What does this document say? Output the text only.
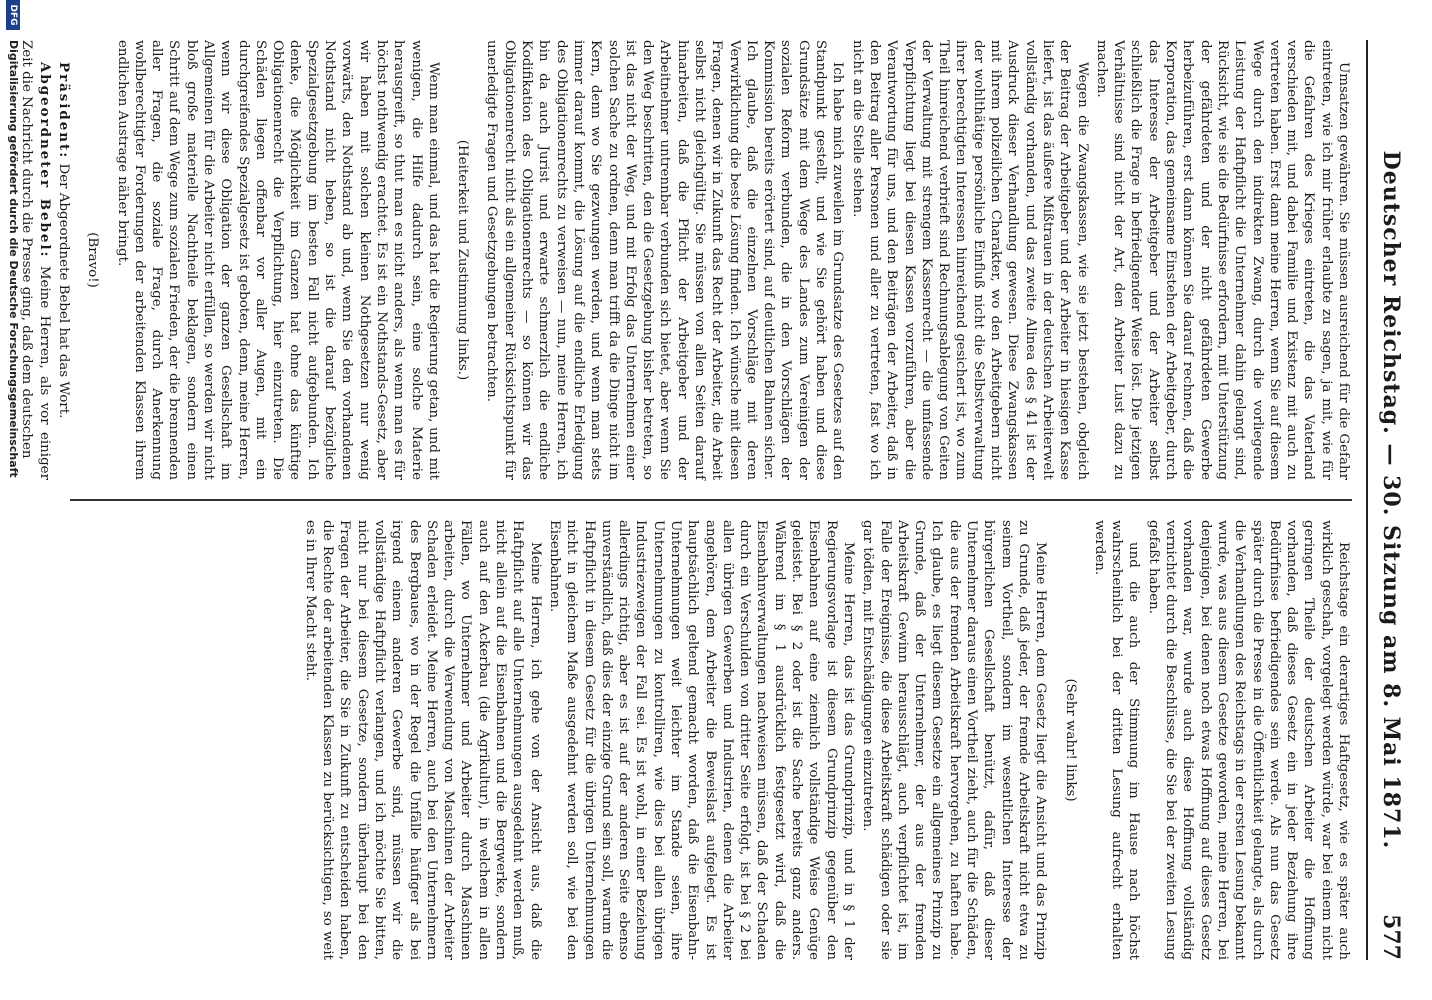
Deutscher Reichstag. — 30. Sitzung am 8. Mai 1871.
577

Umsatzen gewähren. Sie müssen ausreichend für die Gefahr eintreten, wie ich mir früher erlaubte zu sagen, ja mit, wie für die Gefahren des Krieges eintreten, die das Vaterland verschieden mit, und dabei Familie und Existenz mit auch zu vertreten haben. Erst dann meine Herren, wenn Sie auf diesem Wege durch den indirekten Zwang, durch die vorliegende Leistung der Haftpflicht die Unternehmer dahin gelangt sind, Rücksicht, wie sie die Bedürfnisse erfordern, mit Unterstützung der gefährdeten und der nicht gefährdeten Gewerbe herbeizuführen, erst dann können Sie darauf rechnen, daß die Korporation, das gemeinsame Einstehen der Arbeitgeber, durch das Interesse der Arbeitgeber und der Arbeiter selbst schließlich die Frage in befriedigender Weise löst. Die jetzigen Verhältnisse sind nicht der Art, den Arbeiter Lust dazu zu machen.

Wegen die Zwangskassen, wie sie jetzt bestehen, obgleich der Beitrag der Arbeitgeber und der Arbeiter in hiesigen Kasse liefert, ist das äußere Mißtrauen in der deutschen Arbeiterwelt vollständig vorhanden, und das zweite Alinea des § 41 ist der Ausdruck dieser Verhandlung gewesen. Diese Zwangskassen mit ihrem polizeilichen Charakter, wo den Arbeitgebern nicht der wohlthätige persönliche Einfluß nicht die Selbstverwaltung ihrer berechtigten Interessen hinreichend gesichert ist, wo zum Theil hinreichend verbrieft sind Rechnungsablegung von Geiten der Verwaltung mit strengem Kassenrecht — die umfassende Verpflichtung liegt bei diesen Kassen vorzuführen, aber die Verantwortung für uns, und den Beiträgen der Arbeiter, daß in den Beitrag aller Personen und aller zu vertreten, fast wo ich nicht an die Stelle stehen.

Ich habe mich zuweilen im Grundsatze des Gesetzes auf den Standpunkt gestellt, und wie Sie gehört haben und diese Grundsätze mit dem Wege des Landes zum Vereinigen der sozialen Reform verbunden, die in den Vorschlägen der Kommission bereits erörtert sind, auf deutlichen Bahnen sicher. Ich glaube, daß die einzelnen Vorschläge mit deren Verwirklichung die beste Lösung finden. Ich wünsche mit diesen Fragen, denen wir in Zukunft das Recht der Arbeiter, die Arbeit selbst nicht gleichgültig. Sie müssen von allen Seiten darauf hinarbeiten, daß die Pflicht der Arbeitgeber und der Arbeitnehmer untrennbar verbunden sich bietet, aber wenn Sie den Weg beschritten, den die Gesetzgebung bisher betreten, so ist das nicht der Weg, und mit Erfolg das Unternehmen einer solchen Sache zu ordnen, denn man trifft da die Dinge nicht im Kern, denn wo Sie gezwungen werden, und wenn man stets immer darauf kommt, die Lösung auf die endliche Erledigung des Obligationenrechts zu verweisen — nun, meine Herren, ich bin da auch Jurist und erwarte schmerzlich die endliche Kodifikation des Obligationenrechts — so können wir das Obligationenrecht nicht als ein allgemeiner Rücksichtspunkt für unerledigte Fragen und Gesetzgebungen betrachten.

(Heiterkeit und Zustimmung links.)

Wenn man einmal, und das hat die Regierung getan, und mit wenigen, die Hilfe dadurch sein, eine solche Materie herausgreift, so thut man es nicht anders, als wenn man es für höchst nothwendig erachtet. Es ist ein Nothstands-Gesetz, aber wir haben mit solchen kleinen Nothgesetzen nur wenig vorwärts, den Nothstand ab und, wenn Sie den vorhandenen Nothstand nicht heben, so ist die darauf bezügliche Spezialgesetzgebung im besten Fall nicht aufgebunden. Ich denke, die Möglichkeit im Ganzen hat ohne das künftige Obligationenrecht die Verpflichtung, hier einzutreten. Die Schäden liegen offenbar vor aller Augen, mit ein durchgreifendes Spezialgesetz ist geboten, denn, meine Herren, wenn wir diese Obligation der ganzen Gesellschaft im Allgemeinen für die Arbeiter nicht erfüllen, so werden wir nicht bloß große materielle Nachtheile beklagen, sondern einen Schritt auf dem Wege zum sozialen Frieden, der die brennenden aller Fragen, die soziale Frage, durch Anerkennung wohlberechtigter Forderungen der arbeitenden Klassen ihrem endlichen Austrage näher bringt.

(Bravo!)

Präsident: Der Abgeordnete Bebel hat das Wort.

Abgeordneter Bebel: Meine Herren, als vor einiger Zeit die Nachricht durch die Presse ging, daß dem deutschen

Reichstage ein derartiges Haftgesetz, wie es später auch wirklich geschah, vorgelegt werden würde, war bei einem nicht geringen Theile der deutschen Arbeiter die Hoffnung vorhanden, daß dieses Gesetz ein in jeder Beziehung ihre Bedürfnisse befriedigendes sein werde. Als nun das Gesetz später durch die Presse in die Öffentlichkeit gelangte, als durch die Verhandlungen des Reichstags in der ersten Lesung bekannt wurde, was aus diesem Gesetze geworden, meine Herren, bei denjenigen, bei denen noch etwas Hoffnung auf dieses Gesetz vorhanden war, wurde auch diese Hoffnung vollständig vernichtet durch die Beschlüsse, die Sie bei der zweiten Lesung gefaßt haben.

und die auch der Stimmung im Hause nach höchst wahrscheinlich bei der dritten Lesung aufrecht erhalten werden.

(Sehr wahr! links)

Meine Herren, dem Gesetz liegt die Ansicht und das Prinzip zu Grunde, daß jeder, der fremde Arbeitskraft nicht etwa zu seinem Vortheil, sondern im wesentlichen Interesse der bürgerlichen Gesellschaft benützt, dafür, daß dieser Unternehmer daraus einen Vortheil zieht, auch für die Schäden, die aus der fremden Arbeitskraft hervorgehen, zu haften habe. Ich glaube, es liegt diesem Gesetze ein allgemeines Prinzip zu Grunde, daß der Unternehmer, der aus der fremden Arbeitskraft Gewinn herausschlägt, auch verpflichtet ist, im Falle der Ereignisse, die diese Arbeitskraft schädigen oder sie gar tödten, mit Entschädigungen einzutreten.

Meine Herren, das ist das Grundprinzip, und in § 1 der Regierungsvorlage ist diesem Grundprinzip gegenüber den Eisenbahnen auf eine ziemlich vollständige Weise Genüge geleistet. Bei § 2 oder ist die Sache bereits ganz anders. Während im § 1 ausdrücklich festgesetzt wird, daß die Eisenbahnverwaltungen nachweisen müssen, daß der Schaden durch ein Verschulden von dritter Seite erfolgt, ist bei § 2 bei allen übrigen Gewerben und Industrien, denen die Arbeiter angehören, dem Arbeiter die Beweislast aufgelegt. Es ist hauptsächlich geltend gemacht worden, daß die Eisenbahn-Unternehmungen weit leichter im Stande seien, ihre Unternehmungen zu kontrolliren, wie dies bei allen übrigen Industriezweigen der Fall sei. Es ist wohl, in einer Beziehung allerdings richtig, aber es ist auf der anderen Seite ebenso unverständlich, daß dies der einzige Grund sein soll, warum die Haftpflicht in diesem Gesetz für die übrigen Unternehmungen nicht in gleichem Maße ausgedehnt werden soll, wie bei den Eisenbahnen.

Meine Herren, ich gehe von der Ansicht aus, daß die Haftpflicht auf alle Unternehmungen ausgedehnt werden muß, nicht allein auf die Eisenbahnen und die Bergwerke, sondern auch auf den Ackerbau (die Agrikultur), in welchem in allen Fällen, wo Unternehmer und Arbeiter durch Maschinen arbeiten, durch die Verwendung von Maschinen der Arbeiter Schaden erleidet. Meine Herren, auch bei den Unternehmern des Bergbaues, wo in der Regel die Unfälle häufiger als bei irgend einem anderen Gewerbe sind, müssen wir die vollständige Haftpflicht verlangen, und ich möchte Sie bitten, nicht nur bei diesem Gesetze, sondern überhaupt bei den Fragen der Arbeiter, die Sie in Zukunft zu entscheiden haben, die Rechte der arbeitenden Klassen zu berücksichtigen, so weit es in Ihrer Macht steht.

DFG
Digitalisierung gefördert durch die Deutsche Forschungsgemeinschaft
